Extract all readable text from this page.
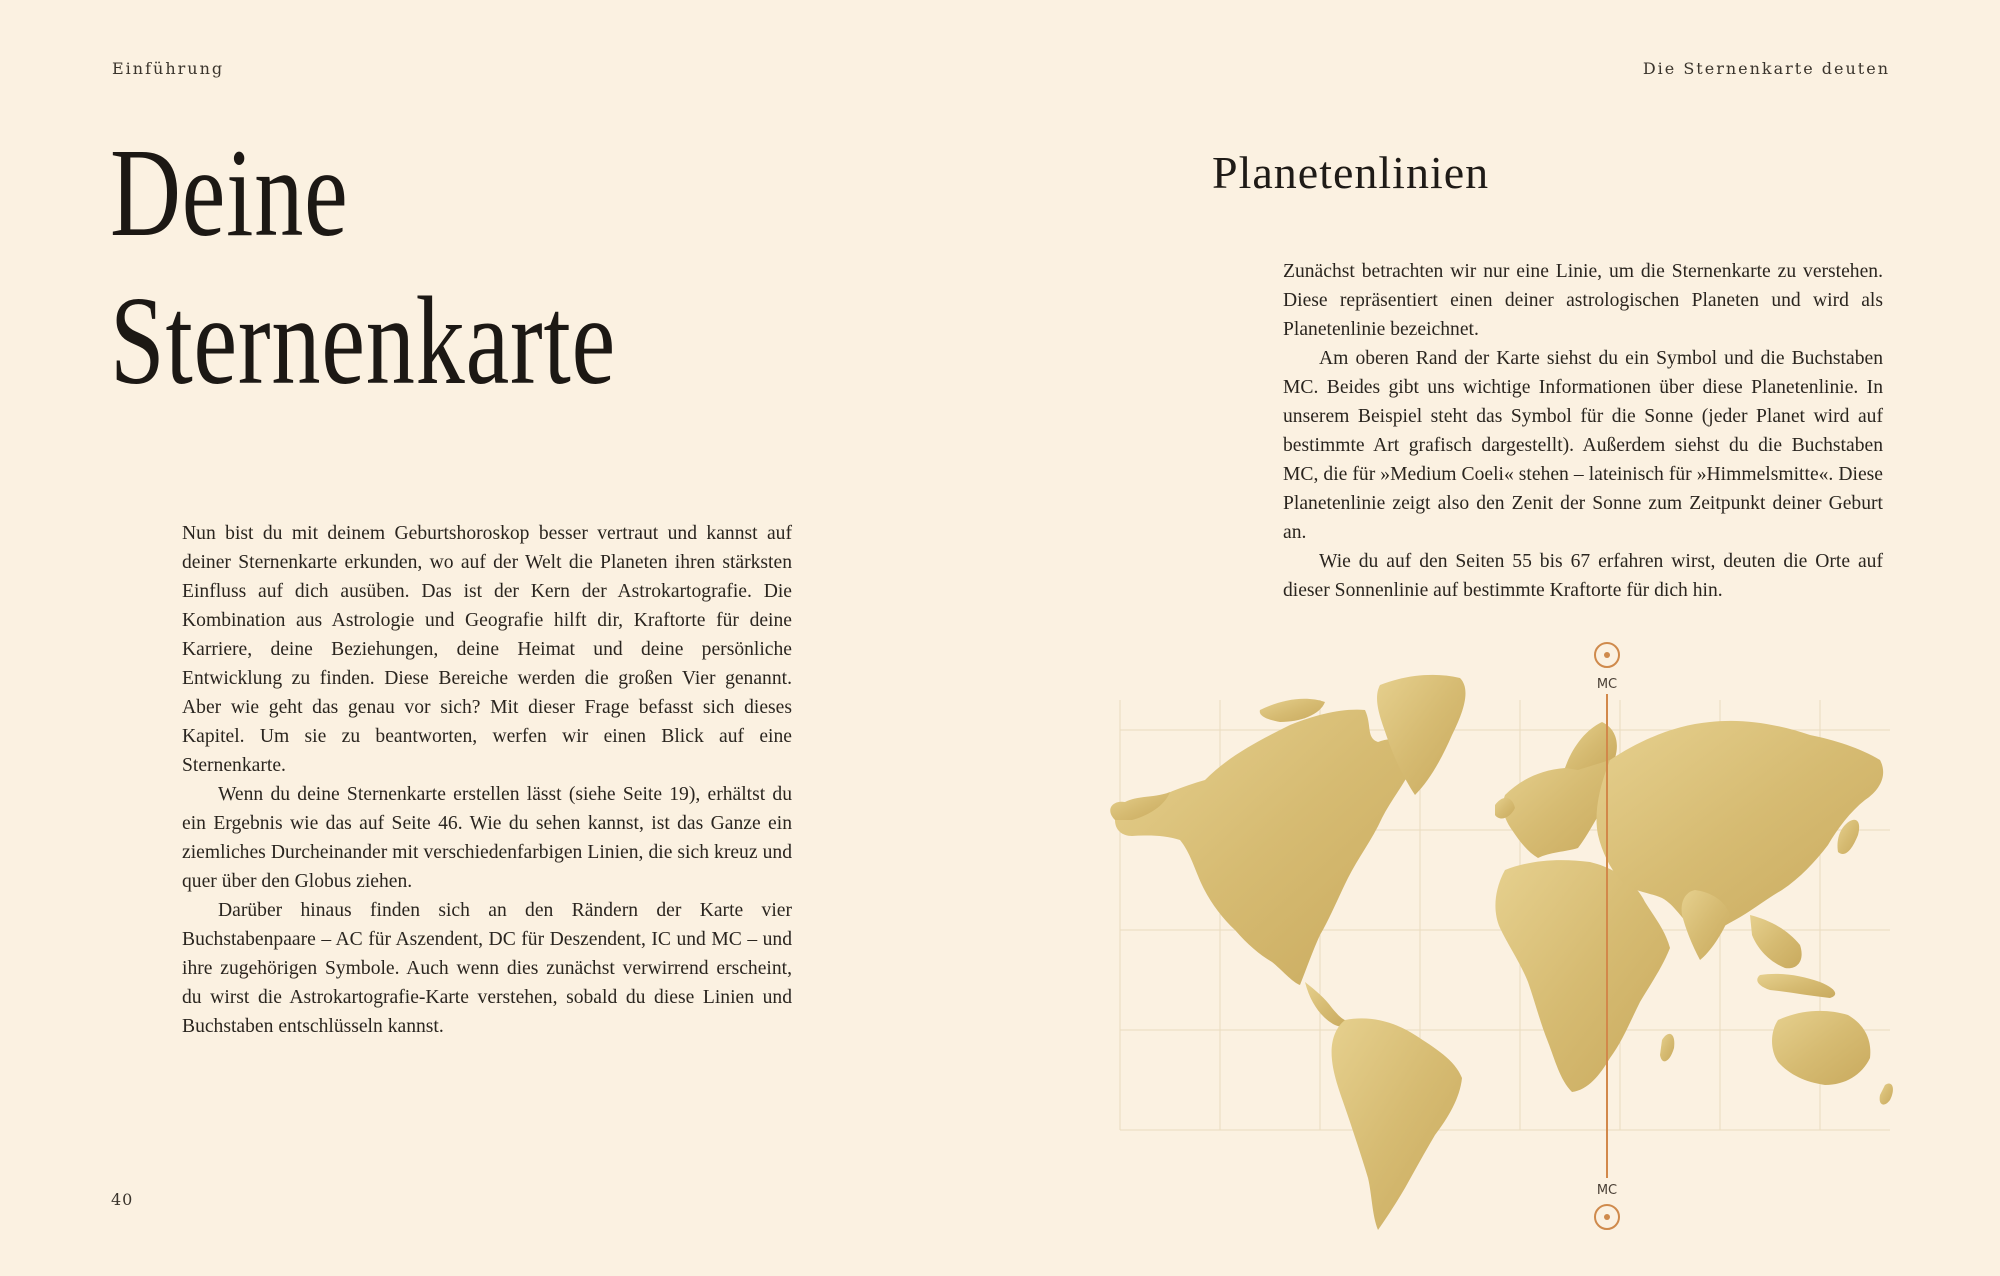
Einführung	Die Sternenkarte deuten
Deine
Sternenkarte

Nun bist du mit deinem Geburtshoroskop besser vertraut und kannst auf deiner Sternenkarte erkunden, wo auf der Welt die Planeten ihren stärksten Einfluss auf dich ausüben. Das ist der Kern der Astrokartografie. Die Kombination aus Astrologie und Geografie hilft dir, Kraftorte für deine Karriere, deine Beziehungen, deine Heimat und deine persönliche Entwicklung zu finden. Diese Bereiche werden die großen Vier genannt. Aber wie geht das genau vor sich? Mit dieser Frage befasst sich dieses Kapitel. Um sie zu beantworten, werfen wir einen Blick auf eine Sternenkarte.

Wenn du deine Sternenkarte erstellen lässt (siehe Seite 19), erhältst du ein Ergebnis wie das auf Seite 46. Wie du sehen kannst, ist das Ganze ein ziemliches Durcheinander mit verschiedenfarbigen Linien, die sich kreuz und quer über den Globus ziehen.

Darüber hinaus finden sich an den Rändern der Karte vier Buchstabenpaare – AC für Aszendent, DC für Deszendent, IC und MC – und ihre zugehörigen Symbole. Auch wenn dies zunächst verwirrend erscheint, du wirst die Astrokartografie-Karte verstehen, sobald du diese Linien und Buchstaben entschlüsseln kannst.

40
Planetenlinien

Zunächst betrachten wir nur eine Linie, um die Sternenkarte zu verstehen. Diese repräsentiert einen deiner astrologischen Planeten und wird als Planetenlinie bezeichnet.

Am oberen Rand der Karte siehst du ein Symbol und die Buchstaben MC. Beides gibt uns wichtige Informationen über diese Planetenlinie. In unserem Beispiel steht das Symbol für die Sonne (jeder Planet wird auf bestimmte Art grafisch dargestellt). Außerdem siehst du die Buchstaben MC, die für »Medium Coeli« stehen – lateinisch für »Himmelsmitte«. Diese Planetenlinie zeigt also den Zenit der Sonne zum Zeitpunkt deiner Geburt an.

Wie du auf den Seiten 55 bis 67 erfahren wirst, deuten die Orte auf dieser Sonnenlinie auf bestimmte Kraftorte für dich hin.

MC
MC
